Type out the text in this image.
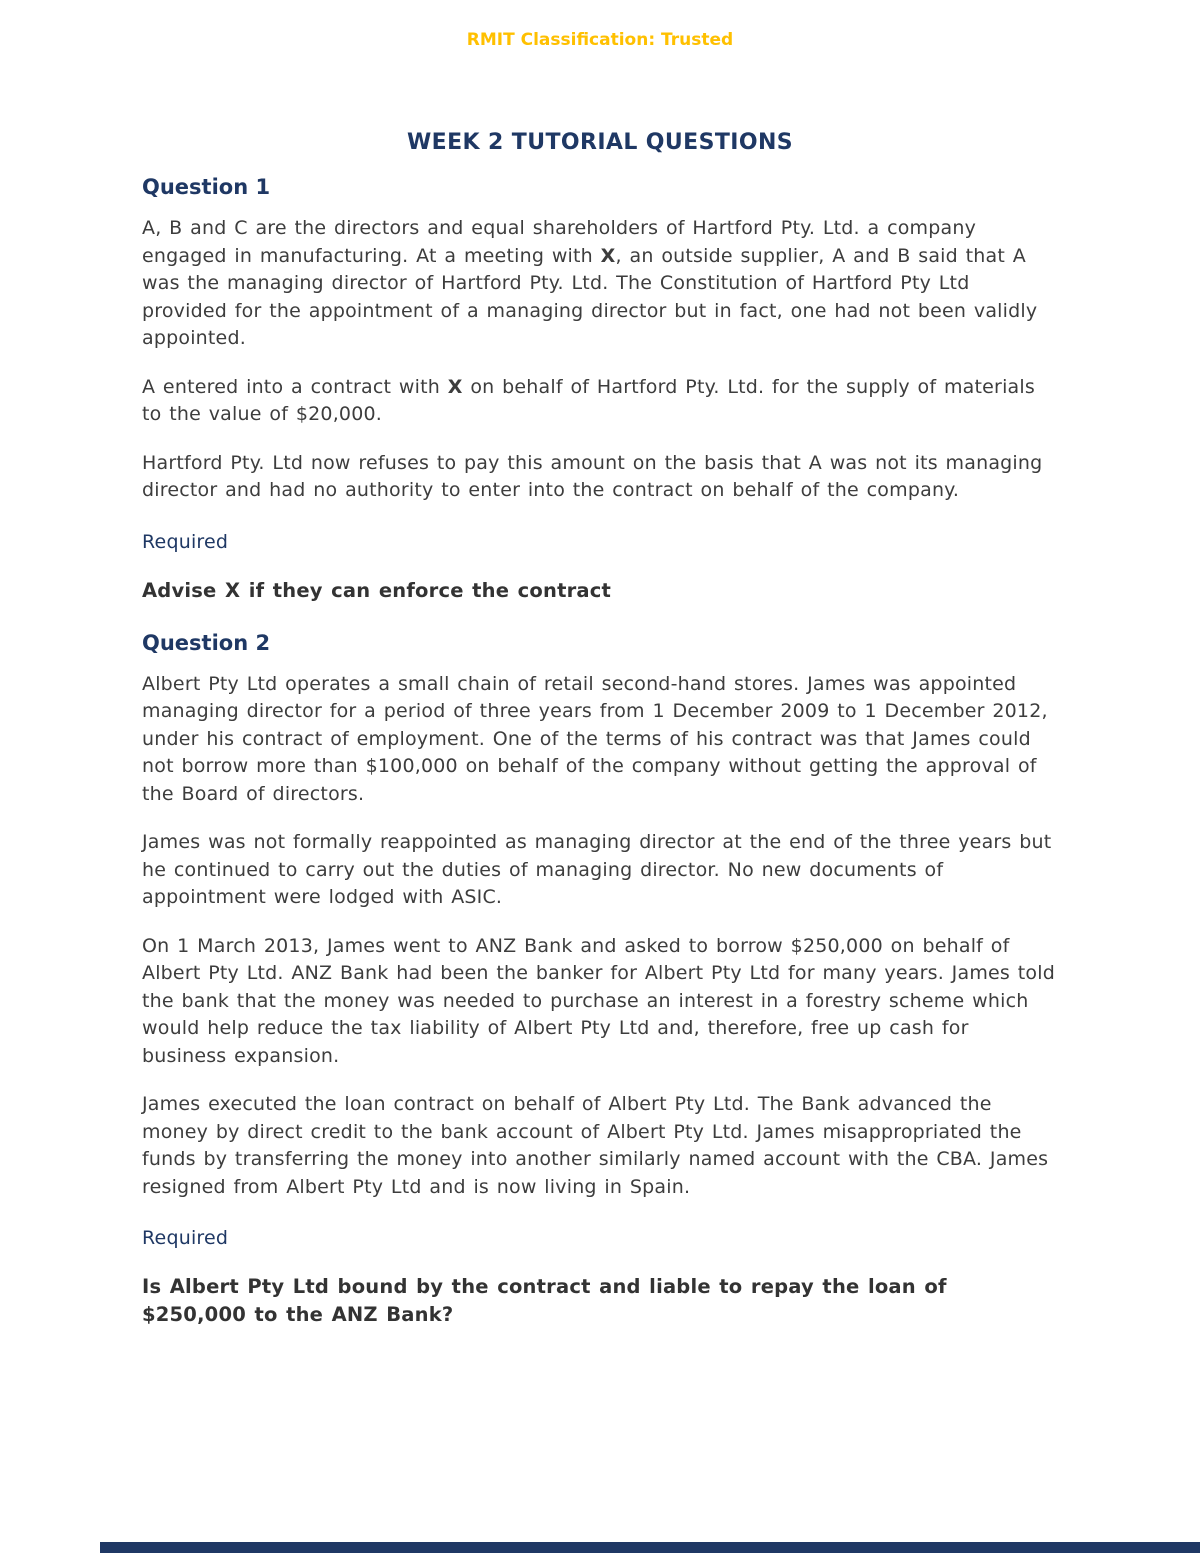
RMIT Classification: Trusted
WEEK 2 TUTORIAL QUESTIONS
Question 1

A, B and C are the directors and equal shareholders of Hartford Pty. Ltd. a company engaged in manufacturing. At a meeting with X, an outside supplier, A and B said that A was the managing director of Hartford Pty. Ltd. The Constitution of Hartford Pty Ltd provided for the appointment of a managing director but in fact, one had not been validly appointed.

A entered into a contract with X on behalf of Hartford Pty. Ltd. for the supply of materials to the value of $20,000.

Hartford Pty. Ltd now refuses to pay this amount on the basis that A was not its managing director and had no authority to enter into the contract on behalf of the company.

Required

Advise X if they can enforce the contract

Question 2

Albert Pty Ltd operates a small chain of retail second-hand stores. James was appointed managing director for a period of three years from 1 December 2009 to 1 December 2012, under his contract of employment. One of the terms of his contract was that James could not borrow more than $100,000 on behalf of the company without getting the approval of the Board of directors.

James was not formally reappointed as managing director at the end of the three years but he continued to carry out the duties of managing director. No new documents of appointment were lodged with ASIC.

On 1 March 2013, James went to ANZ Bank and asked to borrow $250,000 on behalf of Albert Pty Ltd. ANZ Bank had been the banker for Albert Pty Ltd for many years. James told the bank that the money was needed to purchase an interest in a forestry scheme which would help reduce the tax liability of Albert Pty Ltd and, therefore, free up cash for business expansion.

James executed the loan contract on behalf of Albert Pty Ltd. The Bank advanced the money by direct credit to the bank account of Albert Pty Ltd. James misappropriated the funds by transferring the money into another similarly named account with the CBA. James resigned from Albert Pty Ltd and is now living in Spain.

Required

Is Albert Pty Ltd bound by the contract and liable to repay the loan of $250,000 to the ANZ Bank?
